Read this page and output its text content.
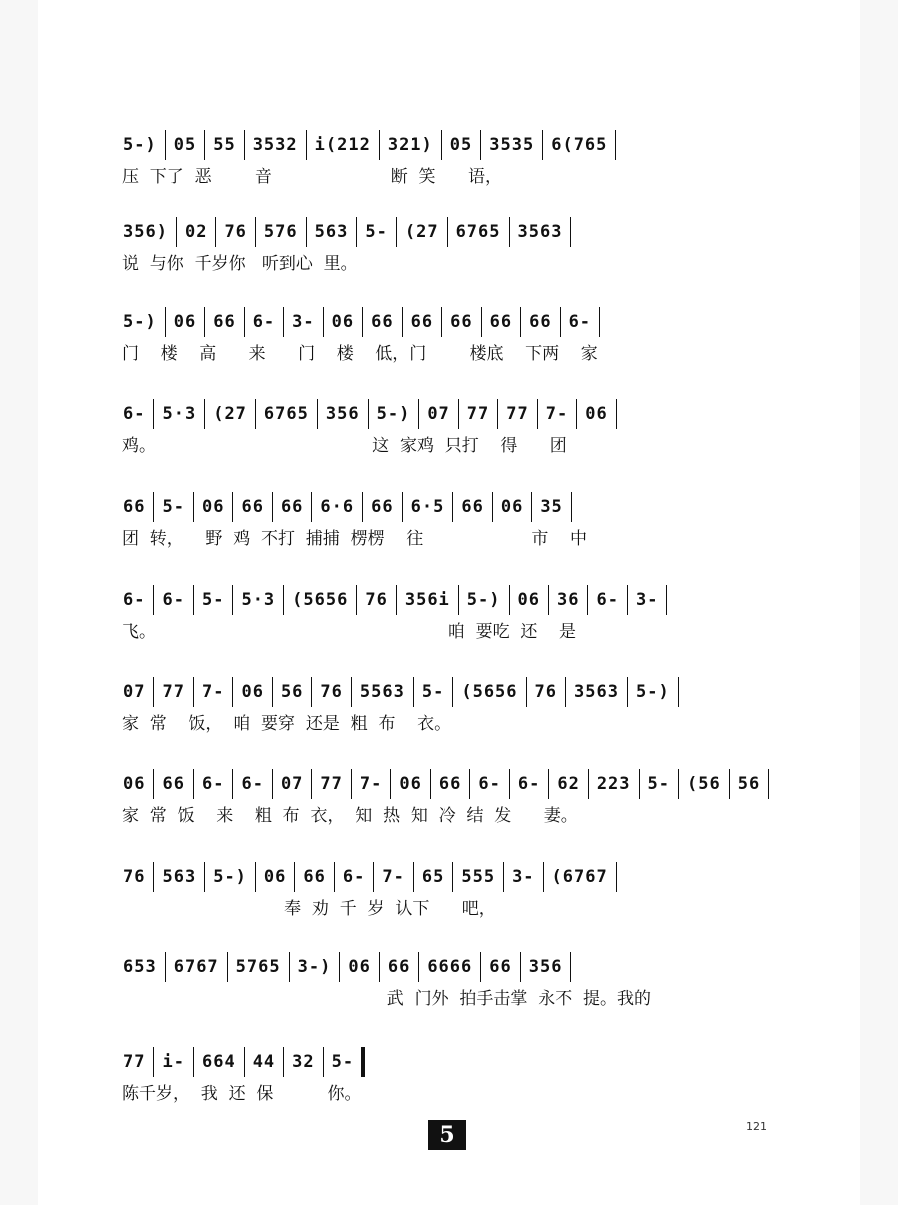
5-) 05 55 3532 i(212 321) 05 3535 6(765
压  下了  恶        音                      断  笑      语，
356) 02 76 576 563 5- (27 6765 3563
说  与你  千岁你   听到心  里。
5-) 06 66 6- 3- 06 66 66 66 66 66 6-
门    楼    高      来      门    楼    低，门        楼底    下两    家
6- 5·3 (27 6765 356 5-) 07 77 77 7- 06
鸡。                                        这  家鸡  只打    得      团
66 5- 06 66 66 6·6 66 6·5 66 06 35
团  转，    野  鸡  不打  捕捕  楞楞    往                    市    中
6- 6- 5- 5·3 (5656 76 356i 5-) 06 36 6- 3-
飞。                                                      咱  要吃  还    是
07 77 7- 06 56 76 5563 5- (5656 76 3563 5-)
家  常    饭，  咱  要穿  还是  粗  布    衣。
06 66 6- 6- 07 77 7- 06 66 6- 6- 62 223 5- (56 56
家  常  饭    来    粗  布  衣，  知  热  知  冷  结  发      妻。
76 563 5-) 06 66 6- 7- 65 555 3- (6767
奉  劝  千  岁  认下      吧，
653 6767 5765 3-) 06 66 6666 66 356
武  门外  拍手击掌  永不  提。我的
77 i- 664 44 32 5-
陈千岁，  我  还  保          你。
5	121
